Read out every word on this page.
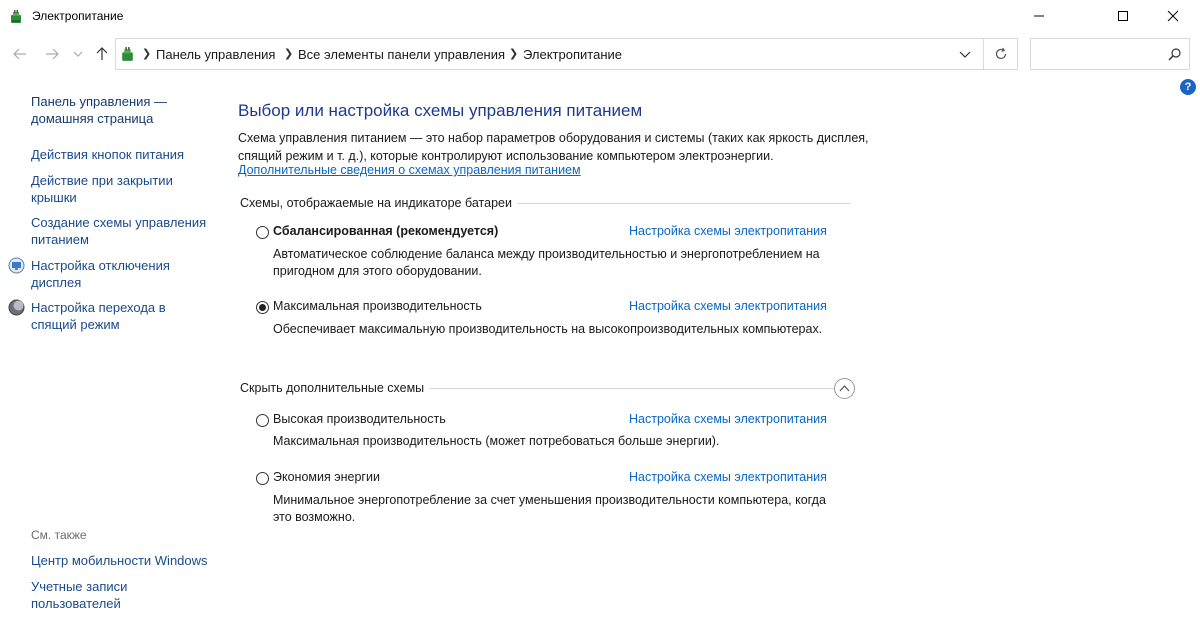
Электропитание
❯ Панель управления ❯ Все элементы панели управления ❯ Электропитание
?
Панель управления —
домашняя страница
Действия кнопок питания
Действие при закрытии
крышки
Создание схемы управления
питанием
Настройка отключения
дисплея
Настройка перехода в
спящий режим
См. также
Центр мобильности Windows
Учетные записи
пользователей
Выбор или настройка схемы управления питанием
Схема управления питанием — это набор параметров оборудования и системы (таких как яркость дисплея, спящий режим и т. д.), которые контролируют использование компьютером электроэнергии.
Дополнительные сведения о схемах управления питанием
Схемы, отображаемые на индикаторе батареи
Сбалансированная (рекомендуется)	Настройка схемы электропитания
Автоматическое соблюдение баланса между производительностью и энергопотреблением на пригодном для этого оборудовании.
Максимальная производительность	Настройка схемы электропитания
Обеспечивает максимальную производительность на высокопроизводительных компьютерах.
Скрыть дополнительные схемы
Высокая производительность	Настройка схемы электропитания
Максимальная производительность (может потребоваться больше энергии).
Экономия энергии	Настройка схемы электропитания
Минимальное энергопотребление за счет уменьшения производительности компьютера, когда это возможно.
